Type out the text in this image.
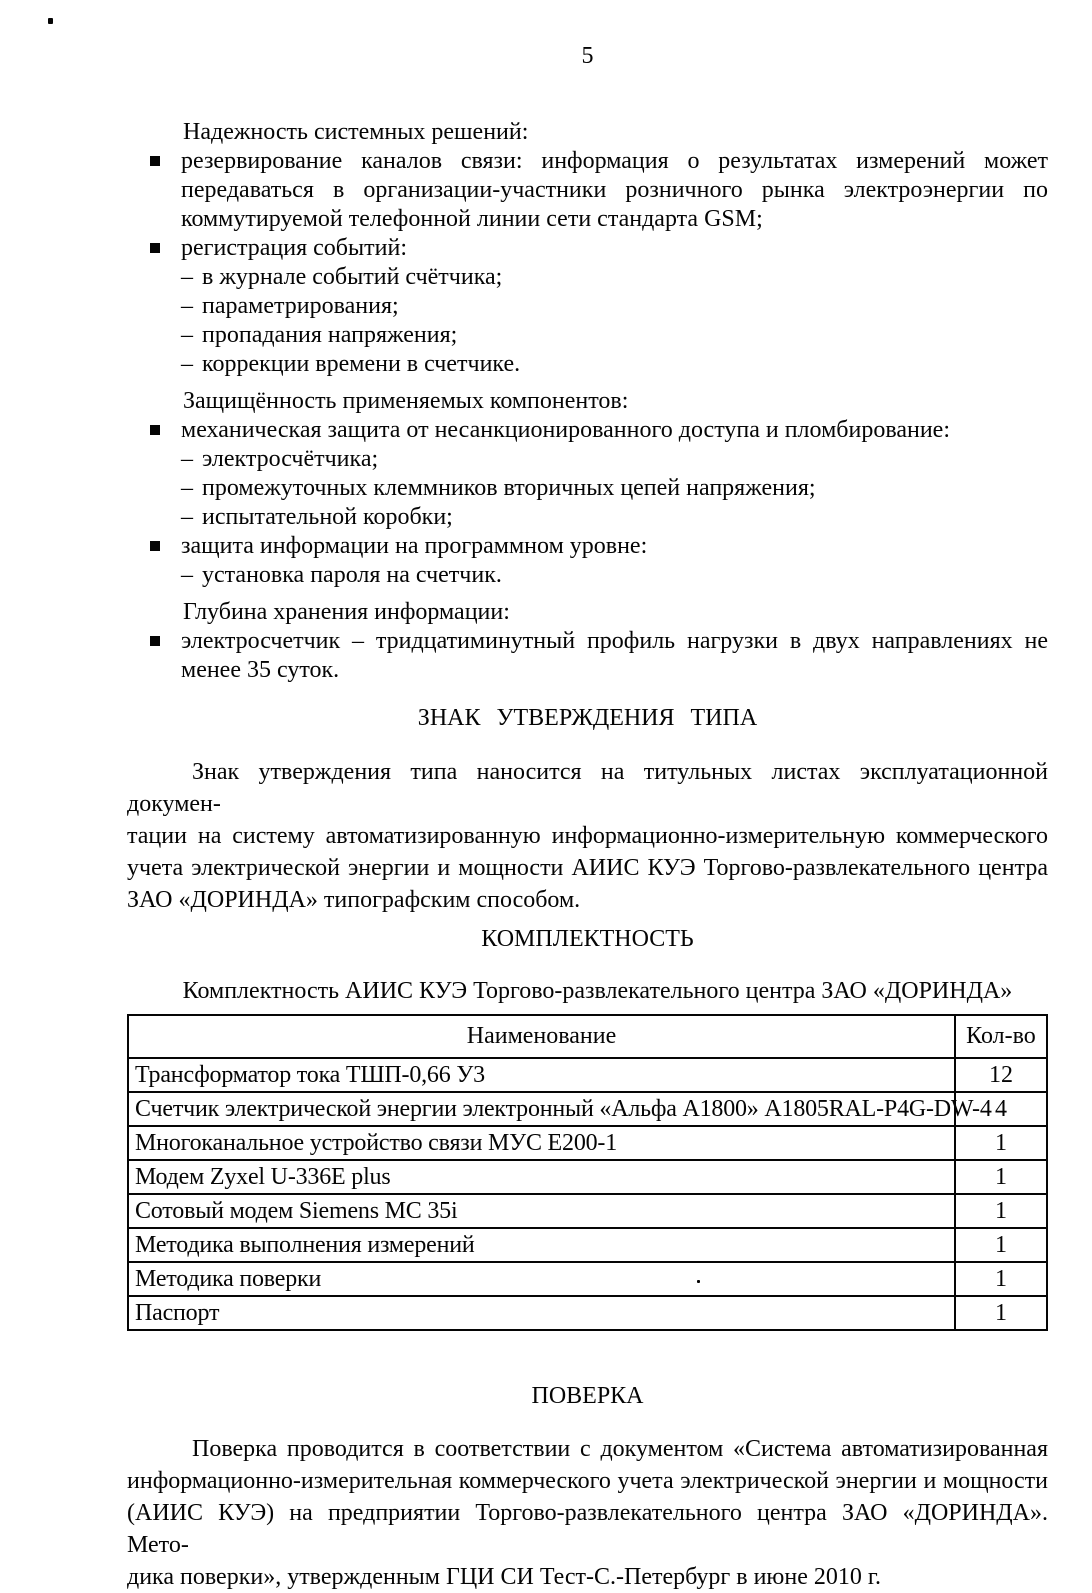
5
Надежность системных решений:
резервирование каналов связи: информация о результатах измерений может
передаваться в организации-участники розничного рынка электроэнергии по
коммутируемой телефонной линии сети стандарта GSM;
регистрация событий:
– в журнале событий счётчика;
– параметрирования;
– пропадания напряжения;
– коррекции времени в счетчике.
Защищённость применяемых компонентов:
механическая защита от несанкционированного доступа и пломбирование:
– электросчётчика;
– промежуточных клеммников вторичных цепей напряжения;
– испытательной коробки;
защита информации на программном уровне:
– установка пароля на счетчик.
Глубина хранения информации:
электросчетчик – тридцатиминутный профиль нагрузки в двух направлениях не
менее 35 суток.
ЗНАК УТВЕРЖДЕНИЯ ТИПА
Знак утверждения типа наносится на титульных листах эксплуатационной докумен-
тации на систему автоматизированную информационно-измерительную коммерческого
учета электрической энергии и мощности АИИС КУЭ Торгово-развлекательного центра
ЗАО «ДОРИНДА» типографским способом.
КОМПЛЕКТНОСТЬ
Комплектность АИИС КУЭ Торгово-развлекательного центра ЗАО «ДОРИНДА»
Наименование	Кол-во
Трансформатор тока ТШП-0,66 У3	12
Счетчик электрической энергии электронный «Альфа А1800» А1805RAL-P4G-DW-4	4
Многоканальное устройство связи МУС Е200-1	1
Модем Zyxel U-336E plus	1
Сотовый модем Siemens MC 35i	1
Методика выполнения измерений	1
Методика поверки	1
Паспорт	1
ПОВЕРКА
Поверка проводится в соответствии с документом «Система автоматизированная
информационно-измерительная коммерческого учета электрической энергии и мощности
(АИИС КУЭ) на предприятии Торгово-развлекательного центра ЗАО «ДОРИНДА». Мето-
дика поверки», утвержденным ГЦИ СИ Тест-С.-Петербург в июне 2010 г.
